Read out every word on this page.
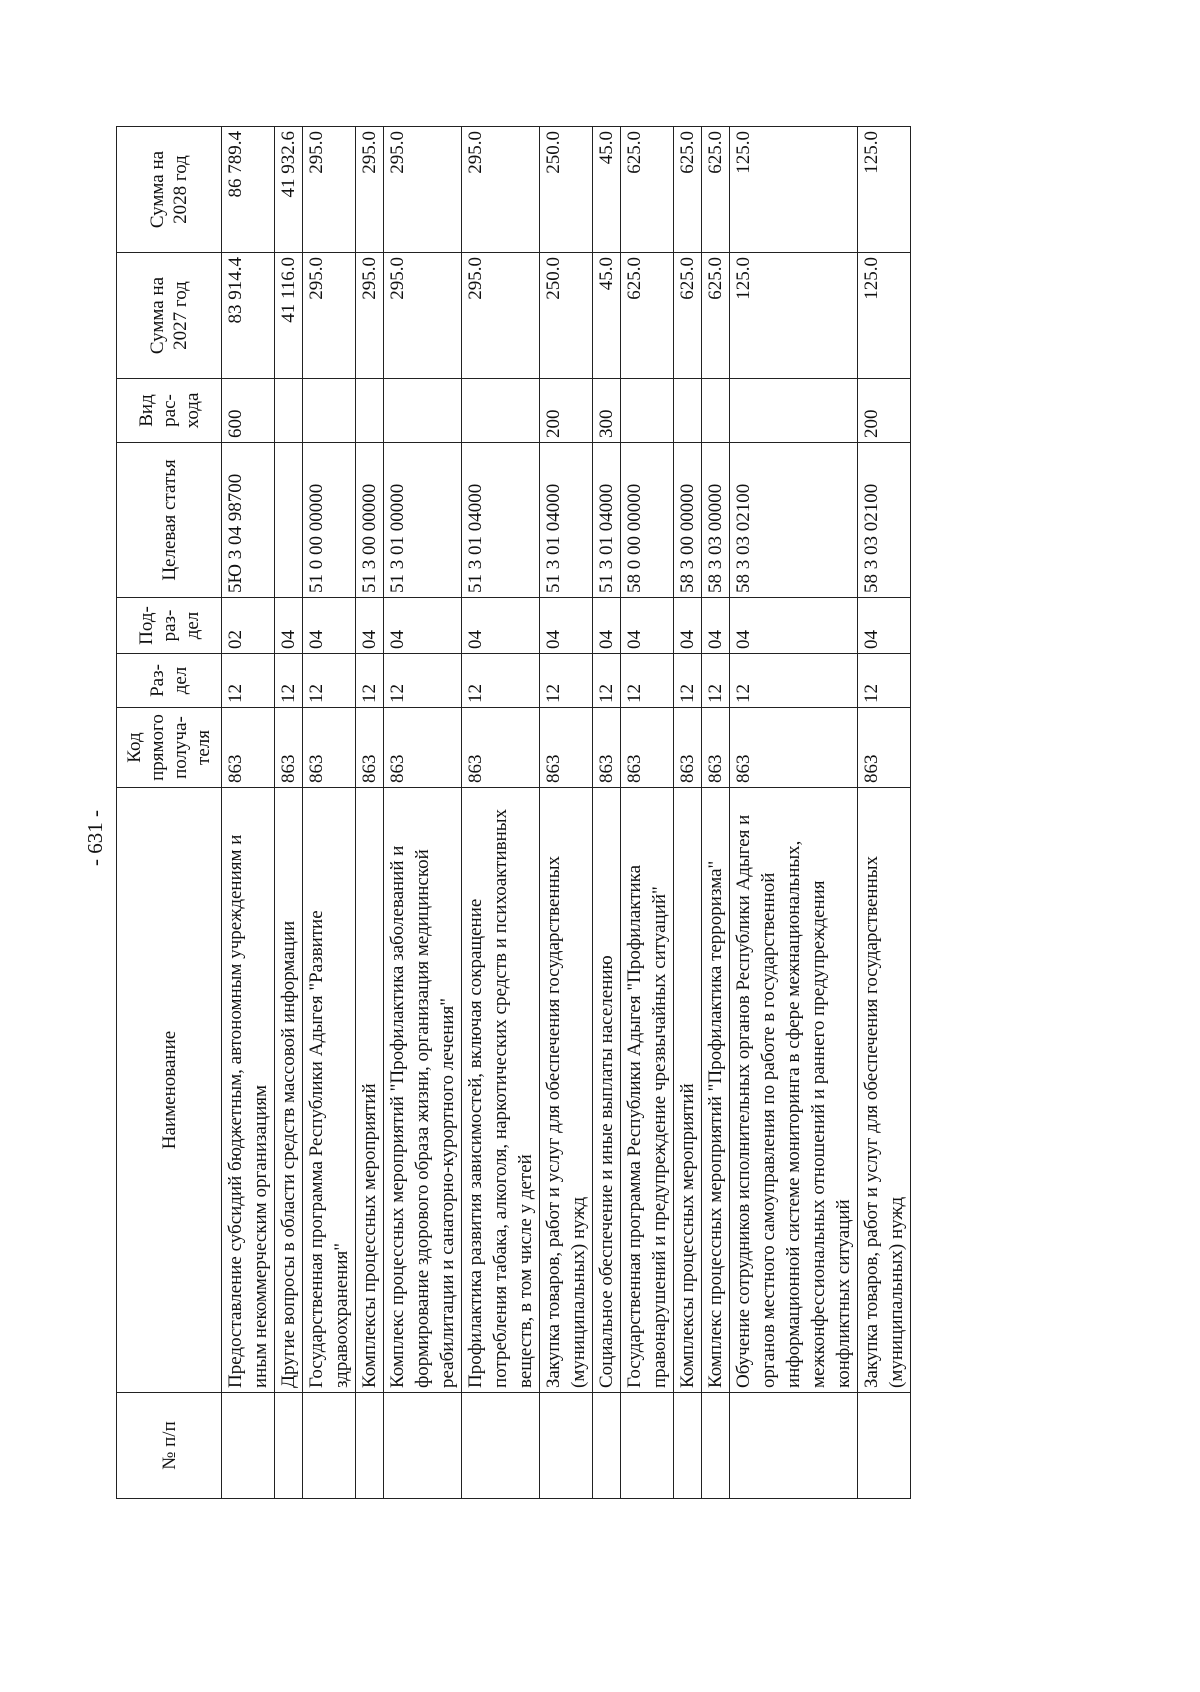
- 631 -
№ п/п	Наименование	Код прямого получа-теля	Раз-дел	Под-раз-дел	Целевая статья	Вид рас-хода	Сумма на 2027 год	Сумма на 2028 год
	Предоставление субсидий бюджетным, автономным учреждениям и иным некоммерческим организациям	863	12	02	5Ю 3 04 98700	600	83 914.4	86 789.4
	Другие вопросы в области средств массовой информации	863	12	04			41 116.0	41 932.6
	Государственная программа Республики Адыгея "Развитие здравоохранения"	863	12	04	51 0 00 00000		295.0	295.0
	Комплексы процессных мероприятий	863	12	04	51 3 00 00000		295.0	295.0
	Комплекс процессных мероприятий "Профилактика заболеваний и формирование здорового образа жизни, организация медицинской реабилитации и санаторно-курортного лечения"	863	12	04	51 3 01 00000		295.0	295.0
	Профилактика развития зависимостей, включая сокращение потребления табака, алкоголя, наркотических средств и психоактивных веществ, в том числе у детей	863	12	04	51 3 01 04000		295.0	295.0
	Закупка товаров, работ и услуг для обеспечения государственных (муниципальных) нужд	863	12	04	51 3 01 04000	200	250.0	250.0
	Социальное обеспечение и иные выплаты населению	863	12	04	51 3 01 04000	300	45.0	45.0
	Государственная программа Республики Адыгея "Профилактика правонарушений и предупреждение чрезвычайных ситуаций"	863	12	04	58 0 00 00000		625.0	625.0
	Комплексы процессных мероприятий	863	12	04	58 3 00 00000		625.0	625.0
	Комплекс процессных мероприятий "Профилактика терроризма"	863	12	04	58 3 03 00000		625.0	625.0
	Обучение сотрудников исполнительных органов Республики Адыгея и органов местного самоуправления по работе в государственной информационной системе мониторинга в сфере межнациональных, межконфессиональных отношений и раннего предупреждения конфликтных ситуаций	863	12	04	58 3 03 02100		125.0	125.0
	Закупка товаров, работ и услуг для обеспечения государственных (муниципальных) нужд	863	12	04	58 3 03 02100	200	125.0	125.0
